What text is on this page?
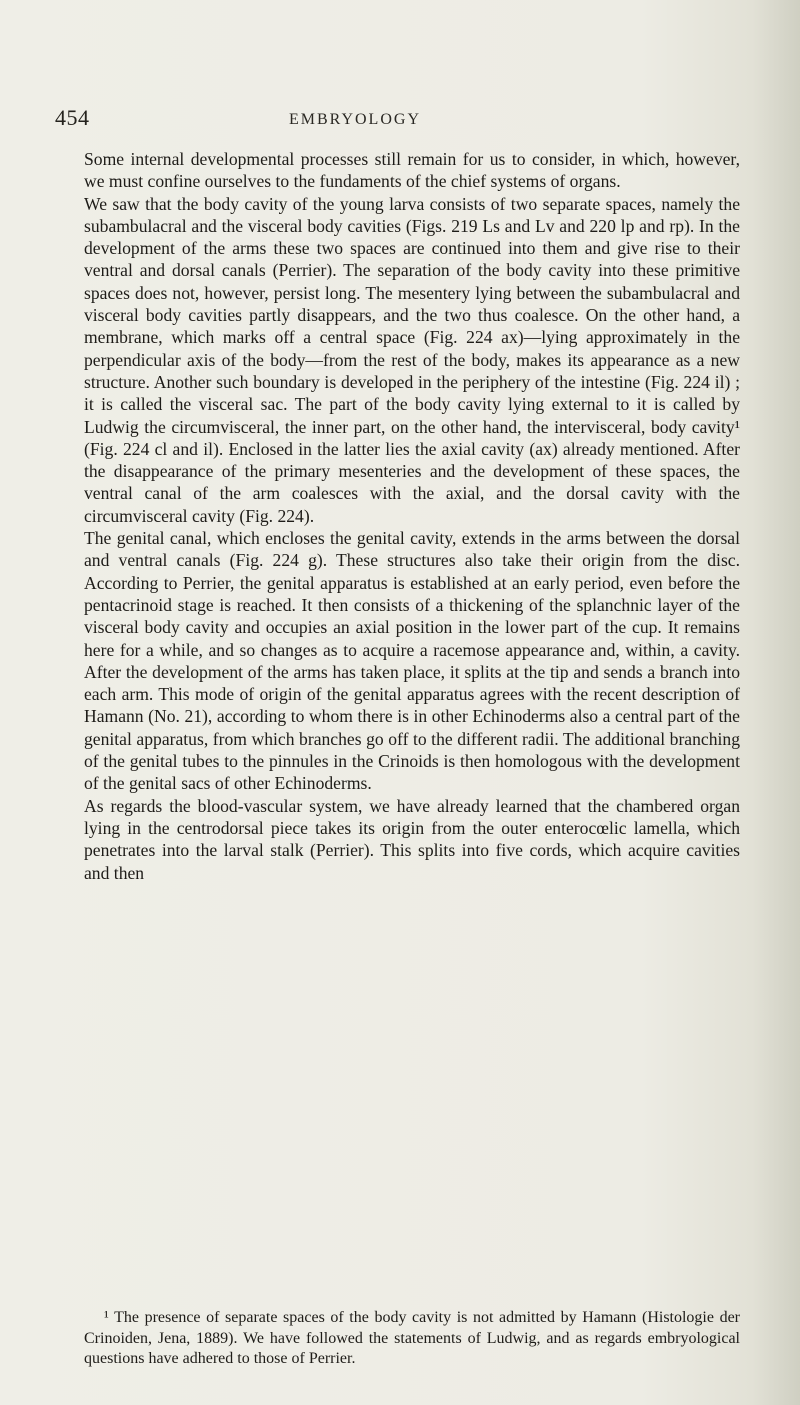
454	EMBRYOLOGY

Some internal developmental processes still remain for us to consider, in which, however, we must confine ourselves to the fundaments of the chief systems of organs.

We saw that the body cavity of the young larva consists of two separate spaces, namely the subambulacral and the visceral body cavities (Figs. 219 Ls and Lv and 220 lp and rp). In the development of the arms these two spaces are continued into them and give rise to their ventral and dorsal canals (Perrier). The separation of the body cavity into these primitive spaces does not, however, persist long. The mesentery lying between the subambulacral and visceral body cavities partly disappears, and the two thus coalesce. On the other hand, a membrane, which marks off a central space (Fig. 224 ax)—lying approximately in the perpendicular axis of the body—from the rest of the body, makes its appearance as a new structure. Another such boundary is developed in the periphery of the intestine (Fig. 224 il) ; it is called the visceral sac. The part of the body cavity lying external to it is called by Ludwig the circumvisceral, the inner part, on the other hand, the intervisceral, body cavity¹ (Fig. 224 cl and il). Enclosed in the latter lies the axial cavity (ax) already mentioned. After the disappearance of the primary mesenteries and the development of these spaces, the ventral canal of the arm coalesces with the axial, and the dorsal cavity with the circumvisceral cavity (Fig. 224).

The genital canal, which encloses the genital cavity, extends in the arms between the dorsal and ventral canals (Fig. 224 g). These structures also take their origin from the disc. According to Perrier, the genital apparatus is established at an early period, even before the pentacrinoid stage is reached. It then consists of a thickening of the splanchnic layer of the visceral body cavity and occupies an axial position in the lower part of the cup. It remains here for a while, and so changes as to acquire a racemose appearance and, within, a cavity. After the development of the arms has taken place, it splits at the tip and sends a branch into each arm. This mode of origin of the genital apparatus agrees with the recent description of Hamann (No. 21), according to whom there is in other Echinoderms also a central part of the genital apparatus, from which branches go off to the different radii. The additional branching of the genital tubes to the pinnules in the Crinoids is then homologous with the development of the genital sacs of other Echinoderms.

As regards the blood-vascular system, we have already learned that the chambered organ lying in the centrodorsal piece takes its origin from the outer enterocœlic lamella, which penetrates into the larval stalk (Perrier). This splits into five cords, which acquire cavities and then

¹ The presence of separate spaces of the body cavity is not admitted by Hamann (Histologie der Crinoiden, Jena, 1889). We have followed the statements of Ludwig, and as regards embryological questions have adhered to those of Perrier.
